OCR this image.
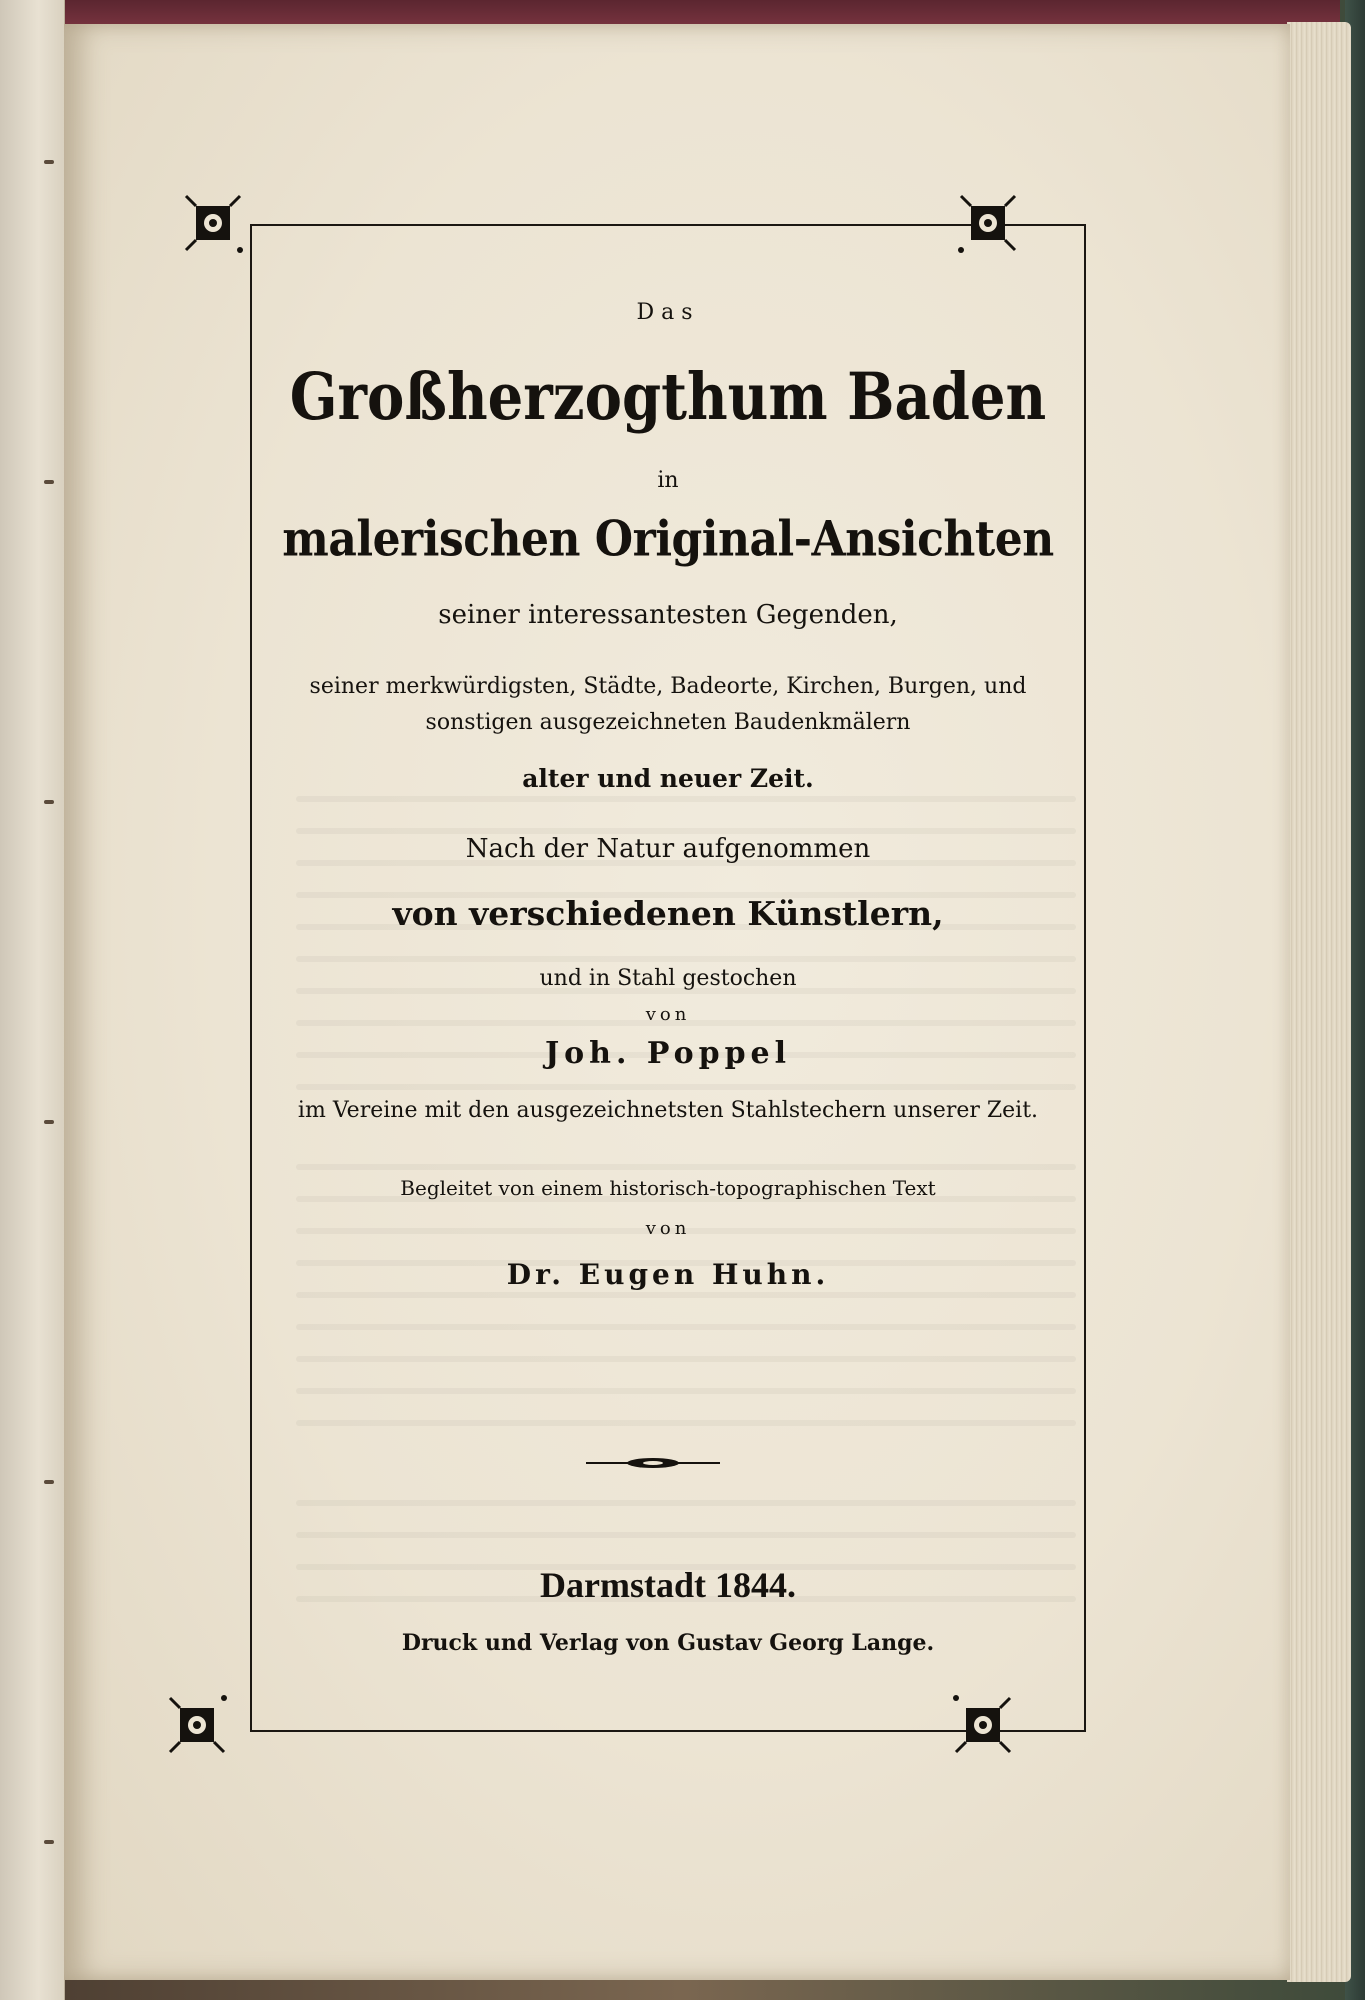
Das
Großherzogthum Baden
in
malerischen Original-Ansichten
seiner interessantesten Gegenden,
seiner merkwürdigsten, Städte, Badeorte, Kirchen, Burgen, und
sonstigen ausgezeichneten Baudenkmälern
alter und neuer Zeit.
Nach der Natur aufgenommen
von verschiedenen Künstlern,
und in Stahl gestochen
von
Joh. Poppel
im Vereine mit den ausgezeichnetsten Stahlstechern unserer Zeit.
Begleitet von einem historisch-topographischen Text
von
Dr. Eugen Huhn.
Darmstadt 1844.
Druck und Verlag von Gustav Georg Lange.
